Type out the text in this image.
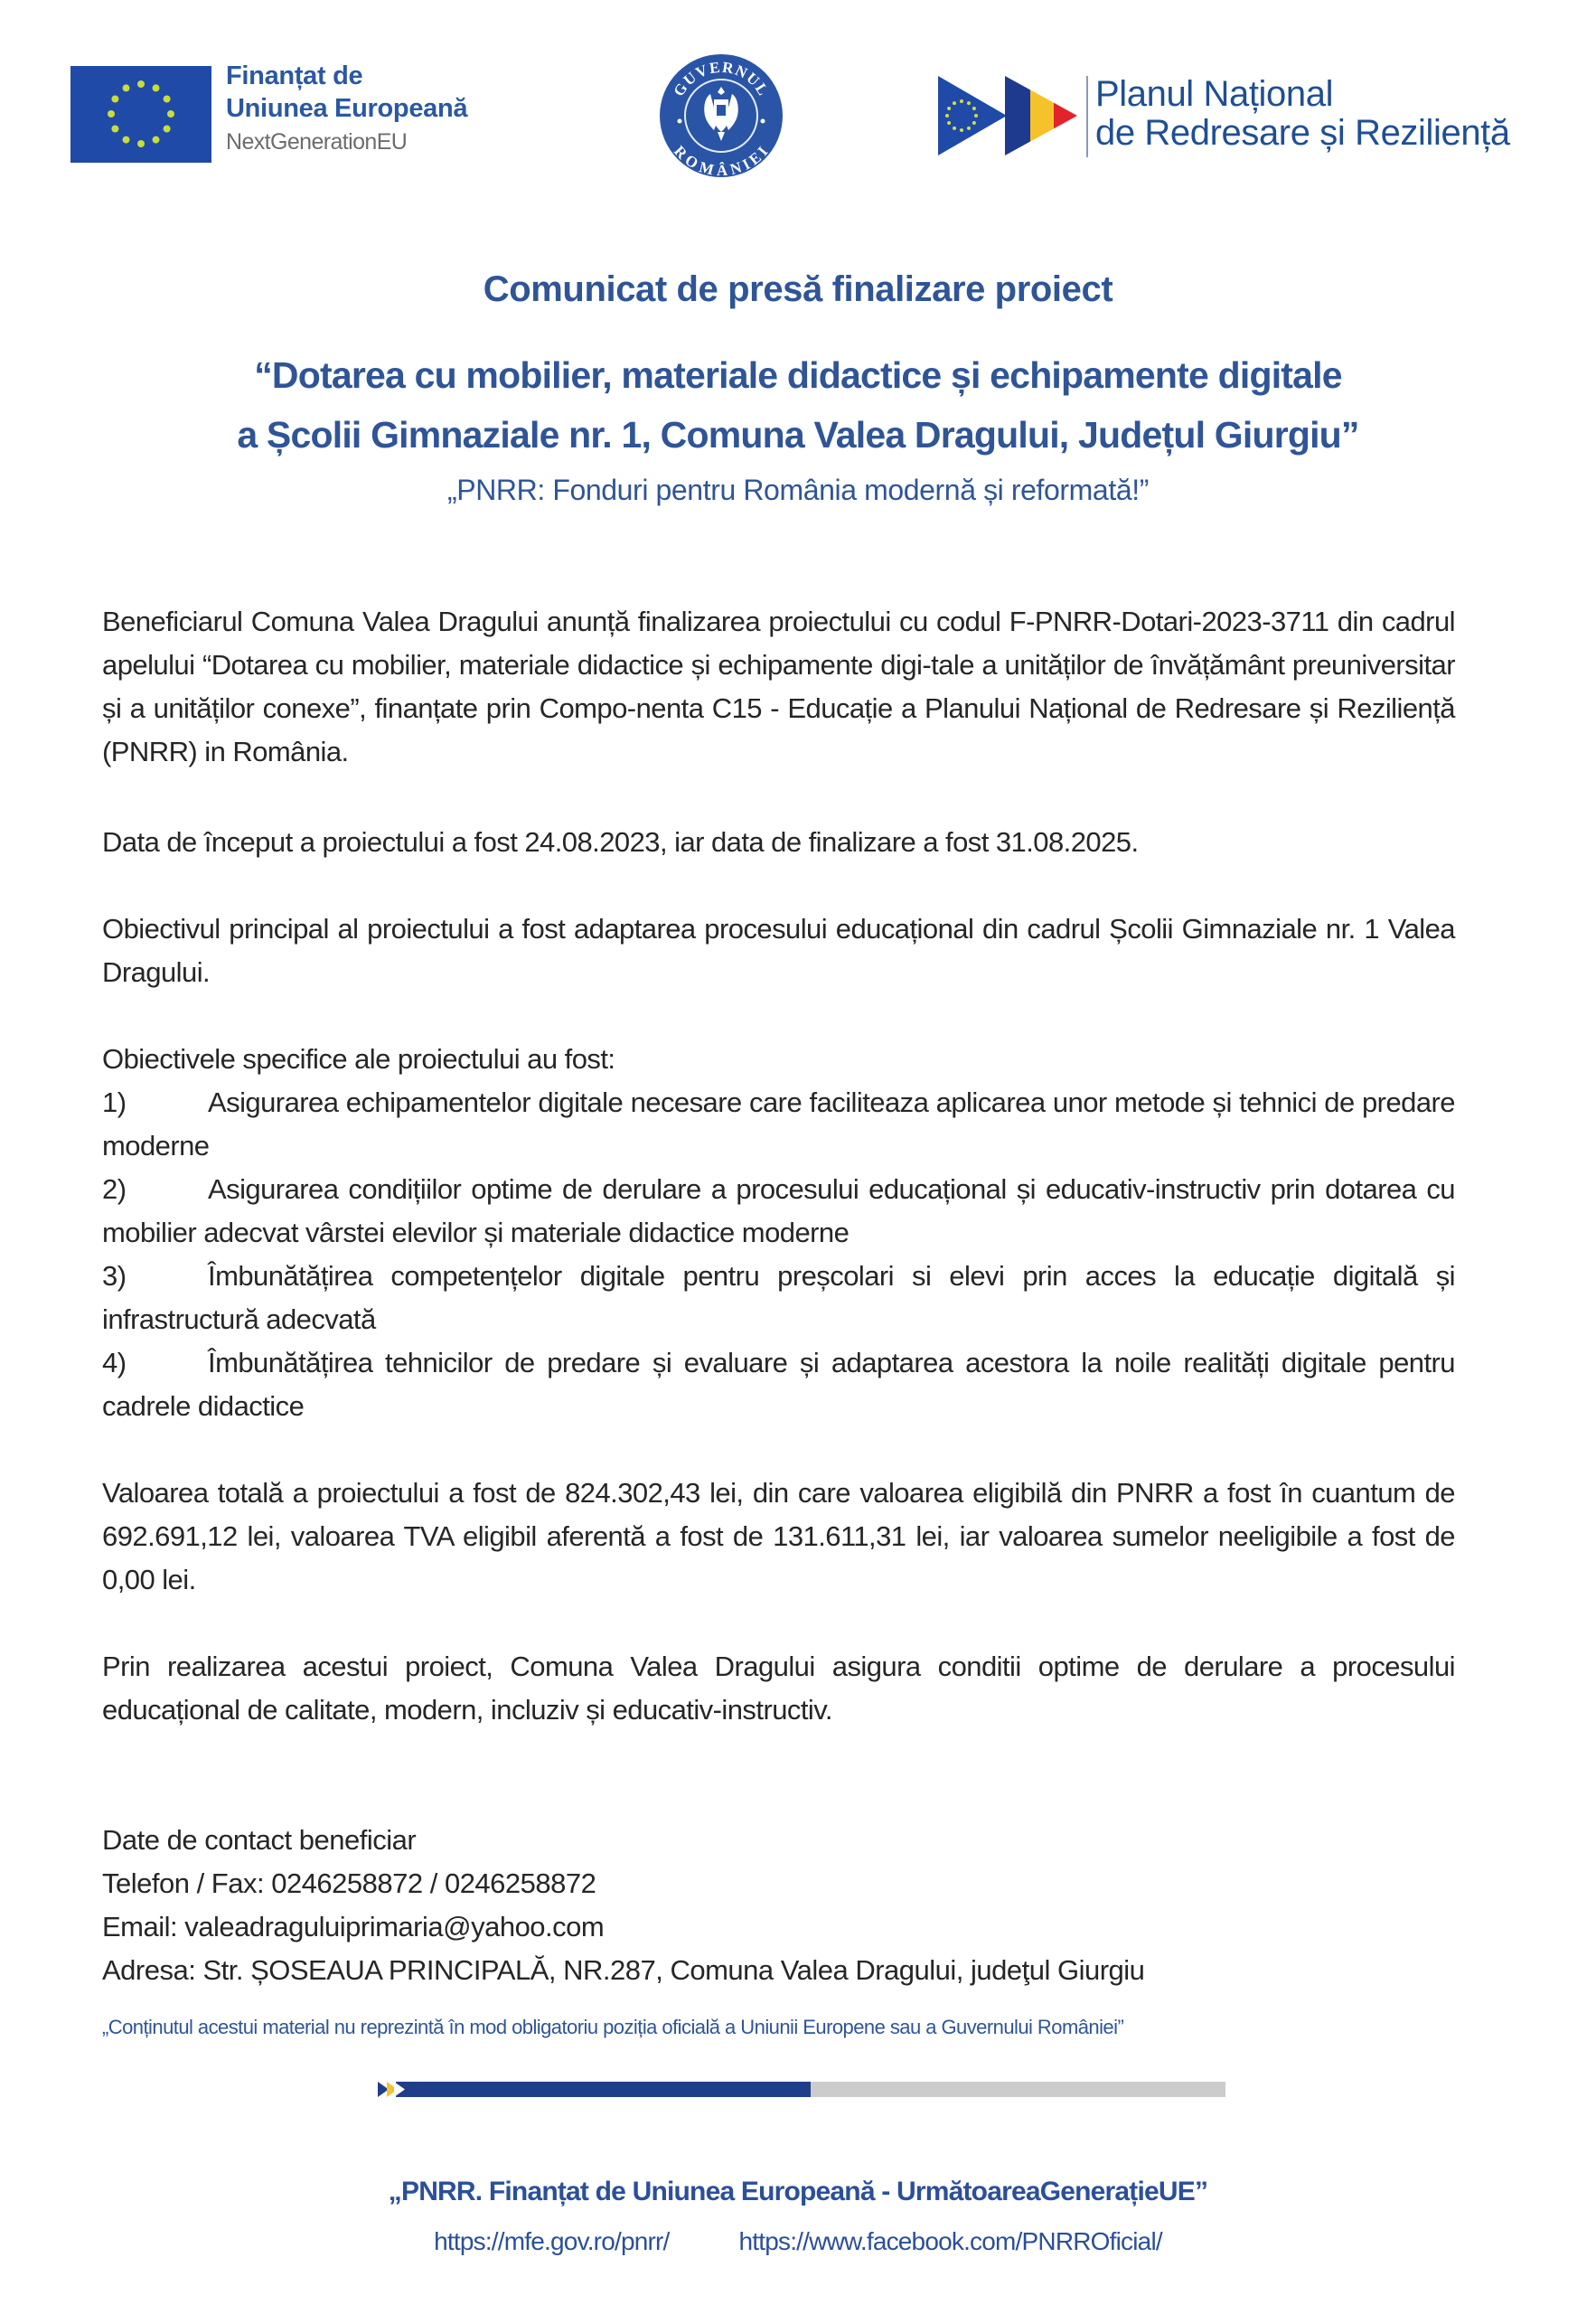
Finanțat de
Uniunea Europeană
NextGenerationEU
GUVERNUL
ROMÂNIEI
Planul Național
de Redresare și Reziliență
Comunicat de presă finalizare proiect
“Dotarea cu mobilier, materiale didactice și echipamente digitale
a Școlii Gimnaziale nr. 1, Comuna Valea Dragului, Județul Giurgiu”
„PNRR: Fonduri pentru România modernă și reformată!”

Beneficiarul Comuna Valea Dragului anunță finalizarea proiectului cu codul F-PNRR-Dotari-2023-3711 din cadrul apelului “Dotarea cu mobilier, materiale didactice și echipamente digi-tale a unităților de învățământ preuniversitar și a unităților conexe”, finanțate prin Compo-nenta C15 - Educație a Planului Național de Redresare și Reziliență (PNRR) in România.

Data de început a proiectului a fost 24.08.2023, iar data de finalizare a fost 31.08.2025.

Obiectivul principal al proiectului a fost adaptarea procesului educațional din cadrul Școlii Gimnaziale nr. 1 Valea Dragului.

Obiectivele specifice ale proiectului au fost:
1)	Asigurarea echipamentelor digitale necesare care faciliteaza aplicarea unor metode și tehnici de predare moderne
2)	Asigurarea condițiilor optime de derulare a procesului educațional și educativ-instructiv prin dotarea cu mobilier adecvat vârstei elevilor și materiale didactice moderne
3)	Îmbunătățirea competențelor digitale pentru preșcolari si elevi prin acces la educație digitală și infrastructură adecvată
4)	Îmbunătățirea tehnicilor de predare și evaluare și adaptarea acestora la noile realități digitale pentru cadrele didactice

Valoarea totală a proiectului a fost de 824.302,43 lei, din care valoarea eligibilă din PNRR a fost în cuantum de 692.691,12 lei, valoarea TVA eligibil aferentă a fost de 131.611,31 lei, iar valoarea sumelor neeligibile a fost de 0,00 lei.

Prin realizarea acestui proiect, Comuna Valea Dragului asigura conditii optime de derulare a procesului educațional de calitate, modern, incluziv și educativ-instructiv.

Date de contact beneficiar
Telefon / Fax: 0246258872 / 0246258872
Email: valeadraguluiprimaria@yahoo.com
Adresa: Str. ȘOSEAUA PRINCIPALĂ, NR.287, Comuna Valea Dragului, judeţul Giurgiu
„Conținutul acestui material nu reprezintă în mod obligatoriu poziția oficială a Uniunii Europene sau a Guvernului României”
„PNRR. Finanțat de Uniunea Europeană - UrmătoareaGenerațieUE”
https://mfe.gov.ro/pnrr/	https://www.facebook.com/PNRROficial/
